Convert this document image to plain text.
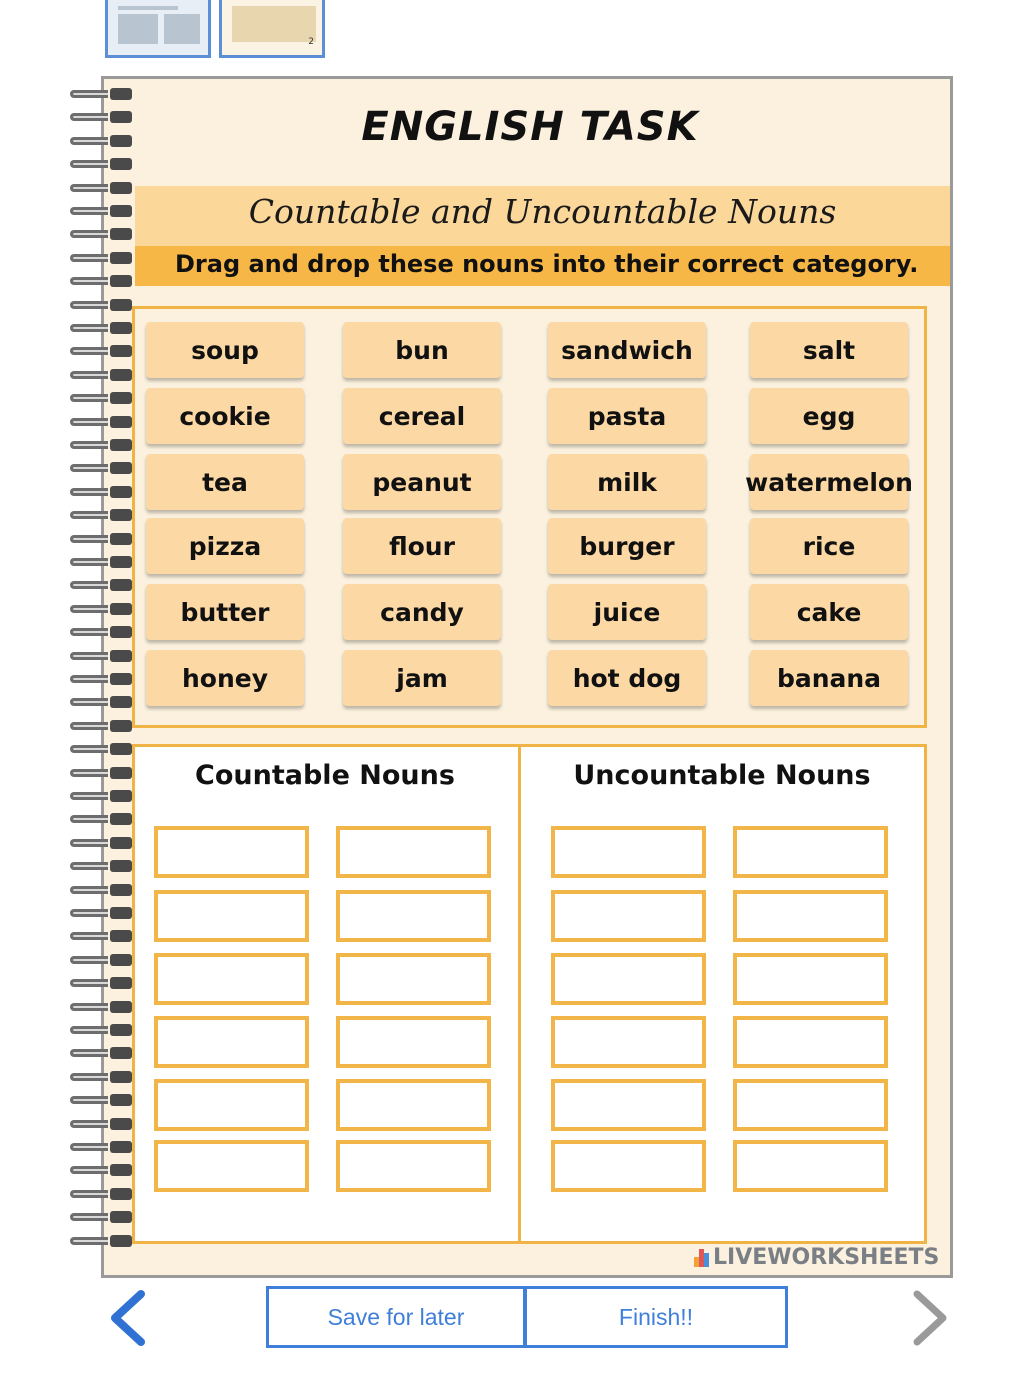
2
ENGLISH TASK
Countable and Uncountable Nouns
Drag and drop these nouns into their correct category.
soup	bun	sandwich	salt
cookie	cereal	pasta	egg
tea	peanut	milk	watermelon
pizza	flour	burger	rice
butter	candy	juice	cake
honey	jam	hot dog	banana
Countable Nouns	Uncountable Nouns
LIVEWORKSHEETS
Save for later	Finish!!
